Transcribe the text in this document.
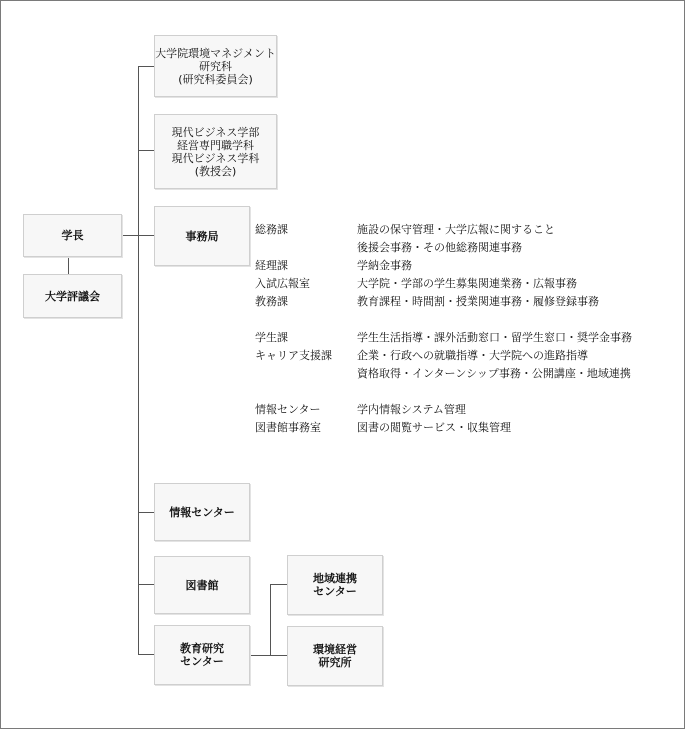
学長
大学評議会
大学院環境マネジメント
研究科
(研究科委員会)
現代ビジネス学部
経営専門職学科
現代ビジネス学科
(教授会)
事務局
情報センター
図書館
教育研究
センター
地域連携
センター
環境経営
研究所
総務課	施設の保守管理・大学広報に関すること
後援会事務・その他総務関連事務
経理課	学納金事務
入試広報室	大学院・学部の学生募集関連業務・広報事務
教務課	教育課程・時間割・授業関連事務・履修登録事務
学生課	学生生活指導・課外活動窓口・留学生窓口・奨学金事務
キャリア支援課 企業・行政への就職指導・大学院への進路指導
資格取得・インターンシップ事務・公開講座・地域連携
情報センター	学内情報システム管理
図書館事務室	図書の閲覧サービス・収集管理
